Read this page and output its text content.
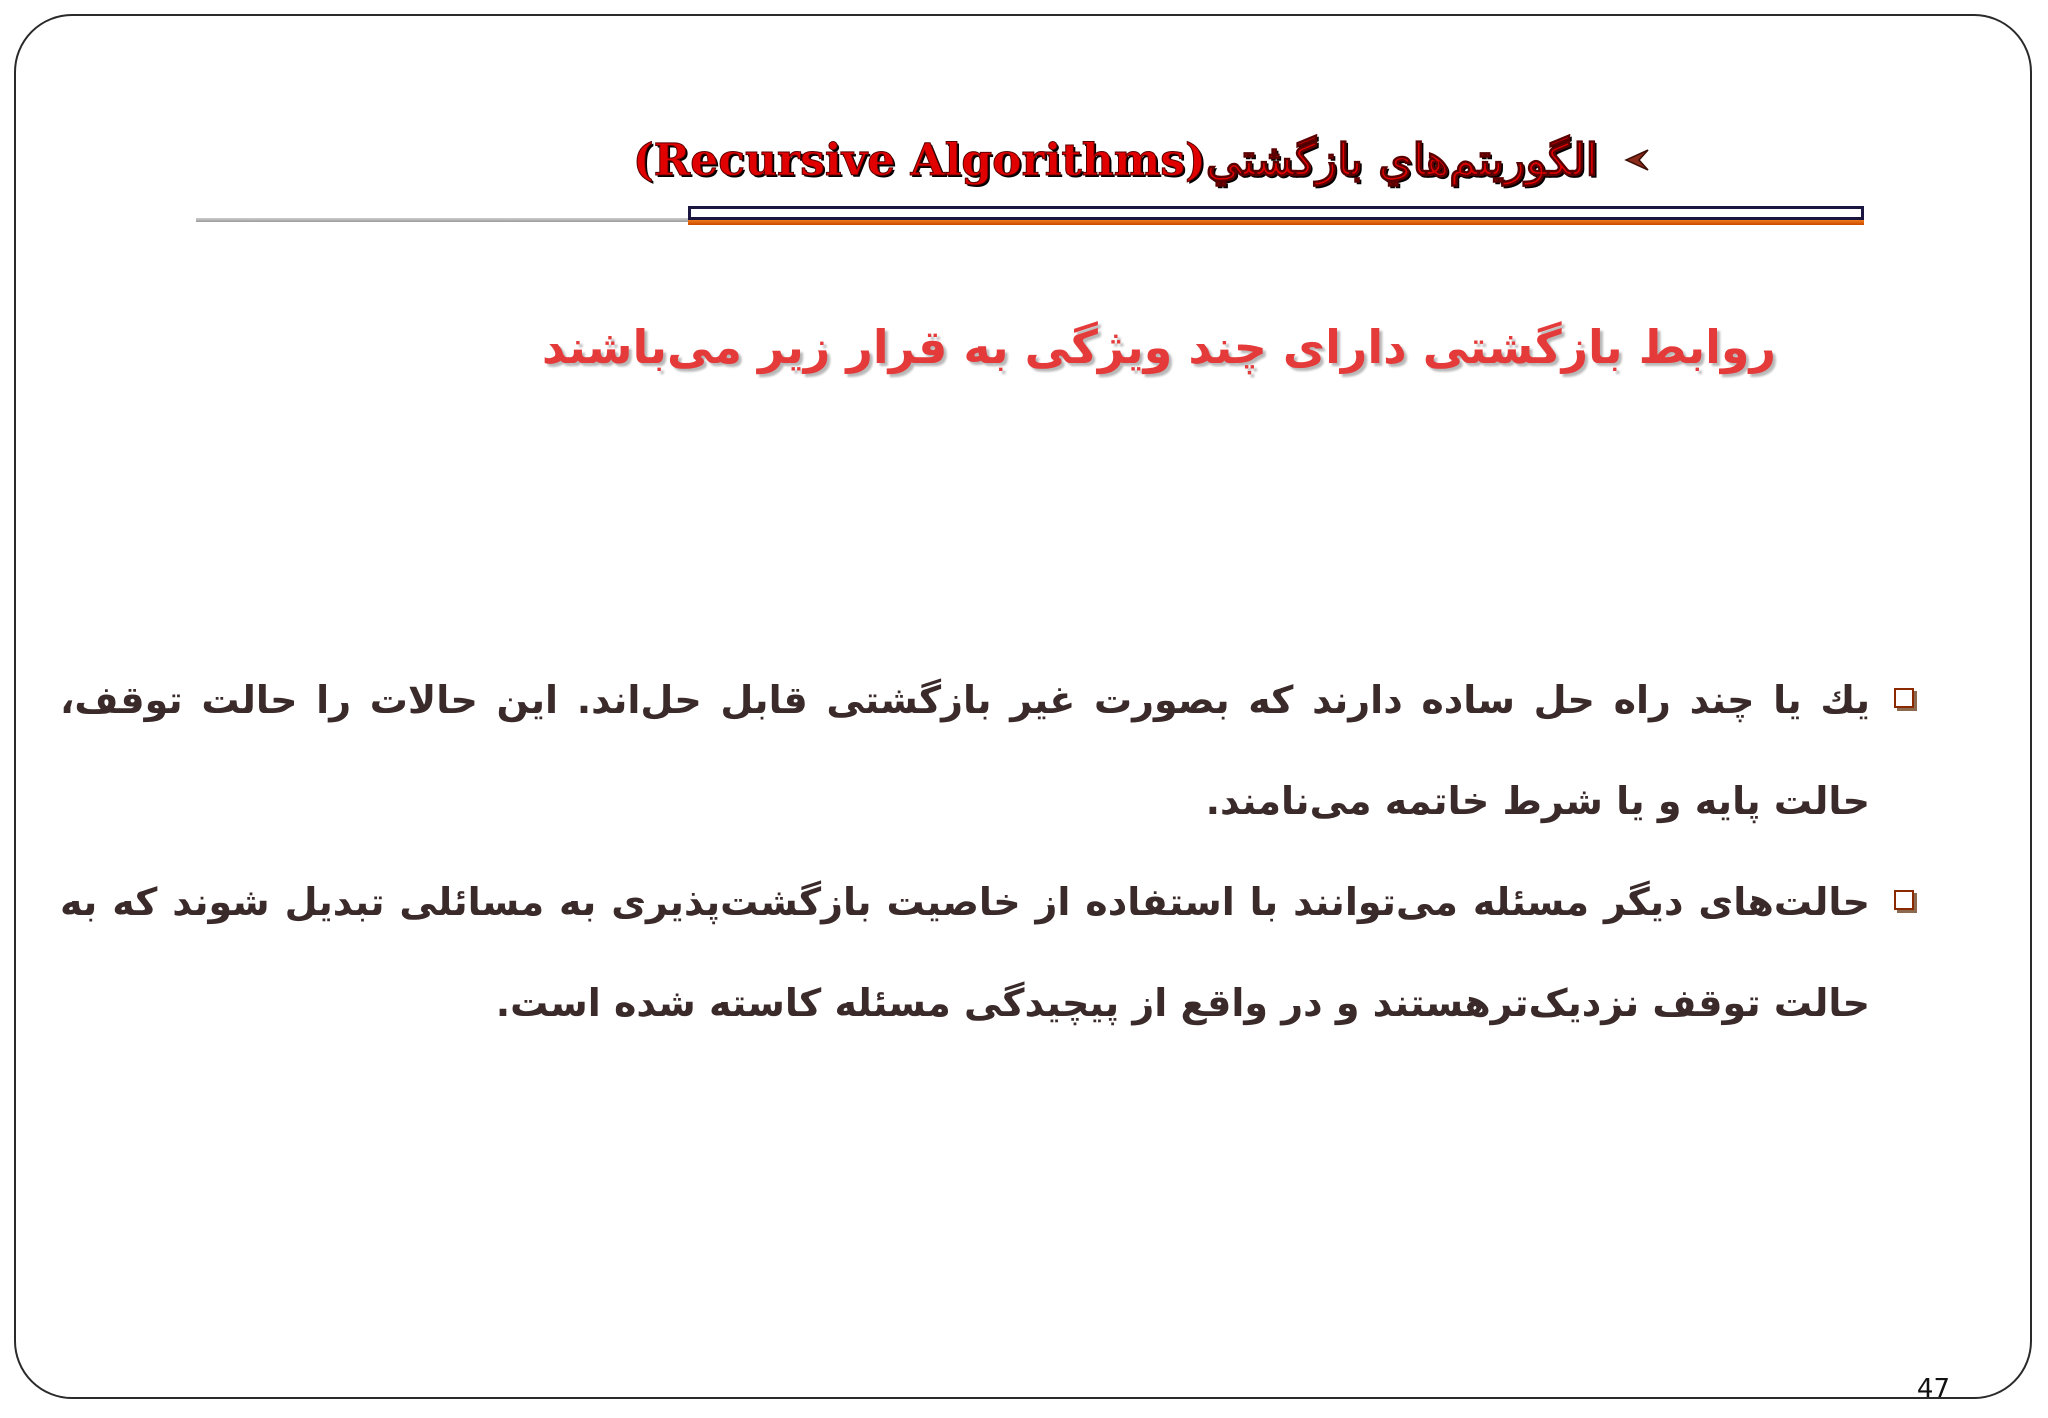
الگوريتم‌هاي بازگشتي(Recursive Algorithms)
روابط بازگشتی دارای چند ویژگی به قرار زیر می‌باشند
يك يا چند راه حل ساده دارند که بصورت غیر بازگشتی قابل حل‌اند. این حالات را حالت توقف، حالت پایه و یا شرط خاتمه می‌نامند.
حالت‌های دیگر مسئله می‌توانند با استفاده از خاصیت بازگشت‌پذیری به مسائلی تبدیل شوند که به حالت توقف نزدیک‌ترهستند و در واقع از پیچیدگی مسئله کاسته شده است.
47
